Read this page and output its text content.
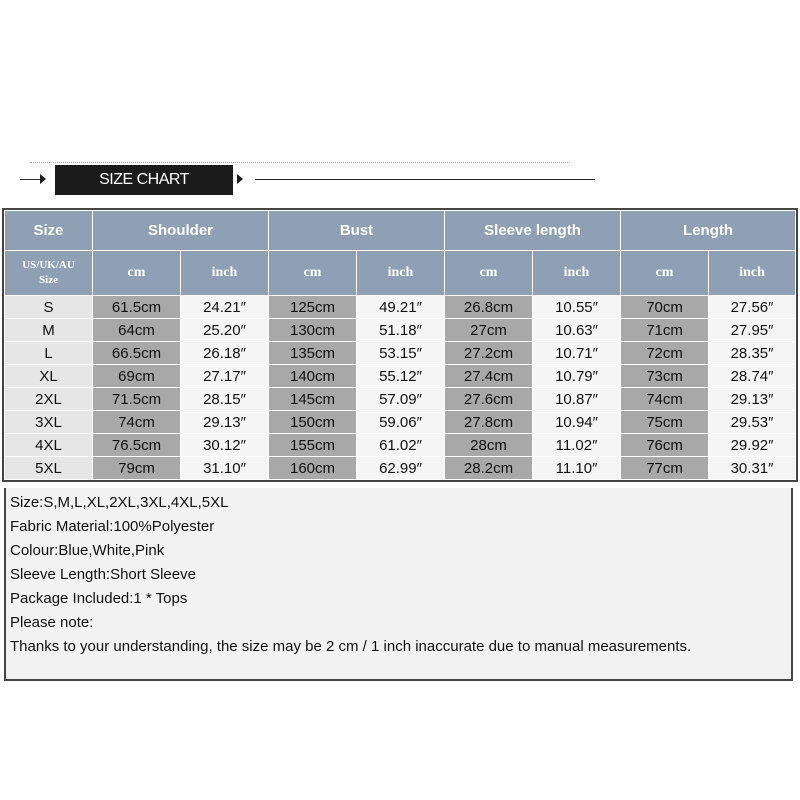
SIZE CHART
Size	Shoulder		Bust		Sleeve length		Length	
US/UK/AU
Size	cm	inch	cm	inch	cm	inch	cm	inch
S	61.5cm	24.21″	125cm	49.21″	26.8cm	10.55″	70cm	27.56″
M	64cm	25.20″	130cm	51.18″	27cm	10.63″	71cm	27.95″
L	66.5cm	26.18″	135cm	53.15″	27.2cm	10.71″	72cm	28.35″
XL	69cm	27.17″	140cm	55.12″	27.4cm	10.79″	73cm	28.74″
2XL	71.5cm	28.15″	145cm	57.09″	27.6cm	10.87″	74cm	29.13″
3XL	74cm	29.13″	150cm	59.06″	27.8cm	10.94″	75cm	29.53″
4XL	76.5cm	30.12″	155cm	61.02″	28cm	11.02″	76cm	29.92″
5XL	79cm	31.10″	160cm	62.99″	28.2cm	11.10″	77cm	30.31″
Size:S,M,L,XL,2XL,3XL,4XL,5XL
Fabric Material:100%Polyester
Colour:Blue,White,Pink
Sleeve Length:Short Sleeve
Package Included:1 * Tops
Please note:
Thanks to your understanding, the size may be 2 cm / 1 inch inaccurate due to manual measurements.
